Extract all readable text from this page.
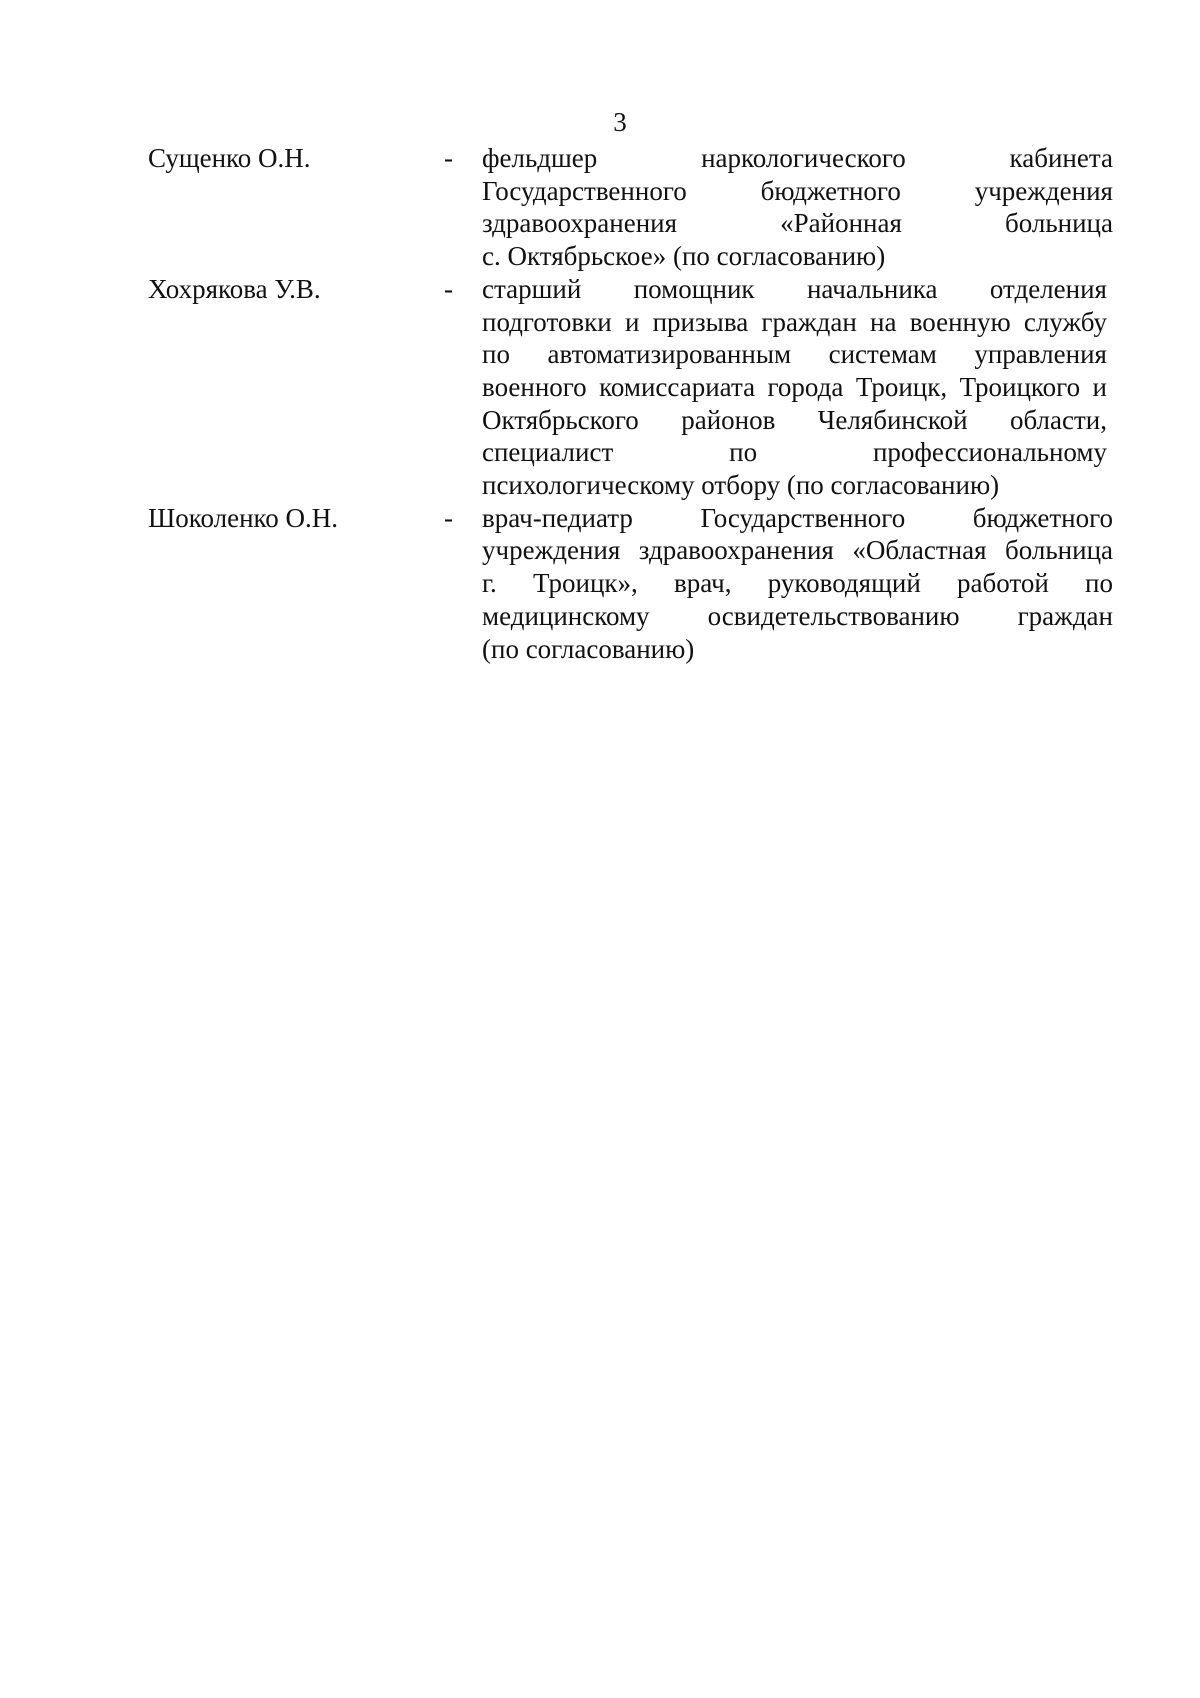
3
Сущенко О.Н.	-	фельдшер	наркологического	кабинета
Государственного	бюджетного	учреждения
здравоохранения	«Районная	больница
с. Октябрьское» (по согласованию)
Хохрякова У.В.	-	старший помощник начальника отделения
подготовки и призыва граждан на военную службу
по автоматизированным системам управления
военного комиссариата города Троицк, Троицкого и
Октябрьского районов Челябинской области,
специалист	по	профессиональному
психологическому отбору (по согласованию)
Шоколенко О.Н.	-	врач-педиатр	Государственного	бюджетного
учреждения здравоохранения «Областная больница
г. Троицк», врач, руководящий работой по
медицинскому освидетельствованию граждан
(по согласованию)
